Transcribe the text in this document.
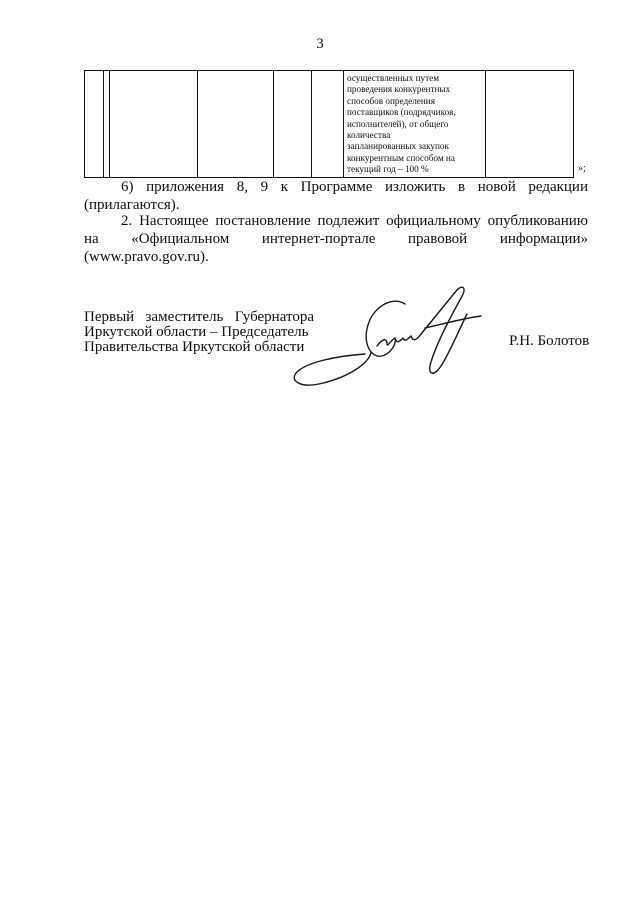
3
осуществленных путем
проведения конкурентных
способов определения
поставщиков (подрядчиков,
исполнителей), от общего
количества
запланированных закупок
конкурентным способом на
текущий год – 100 %	»;
6) приложения 8, 9 к Программе изложить в новой редакции
(прилагаются).
2. Настоящее постановление подлежит официальному опубликованию
на «Официальном интернет-портале правовой информации»
(www.pravo.gov.ru).
Первый заместитель Губернатора
Иркутской области – Председатель
Правительства Иркутской области	Р.Н. Болотов
